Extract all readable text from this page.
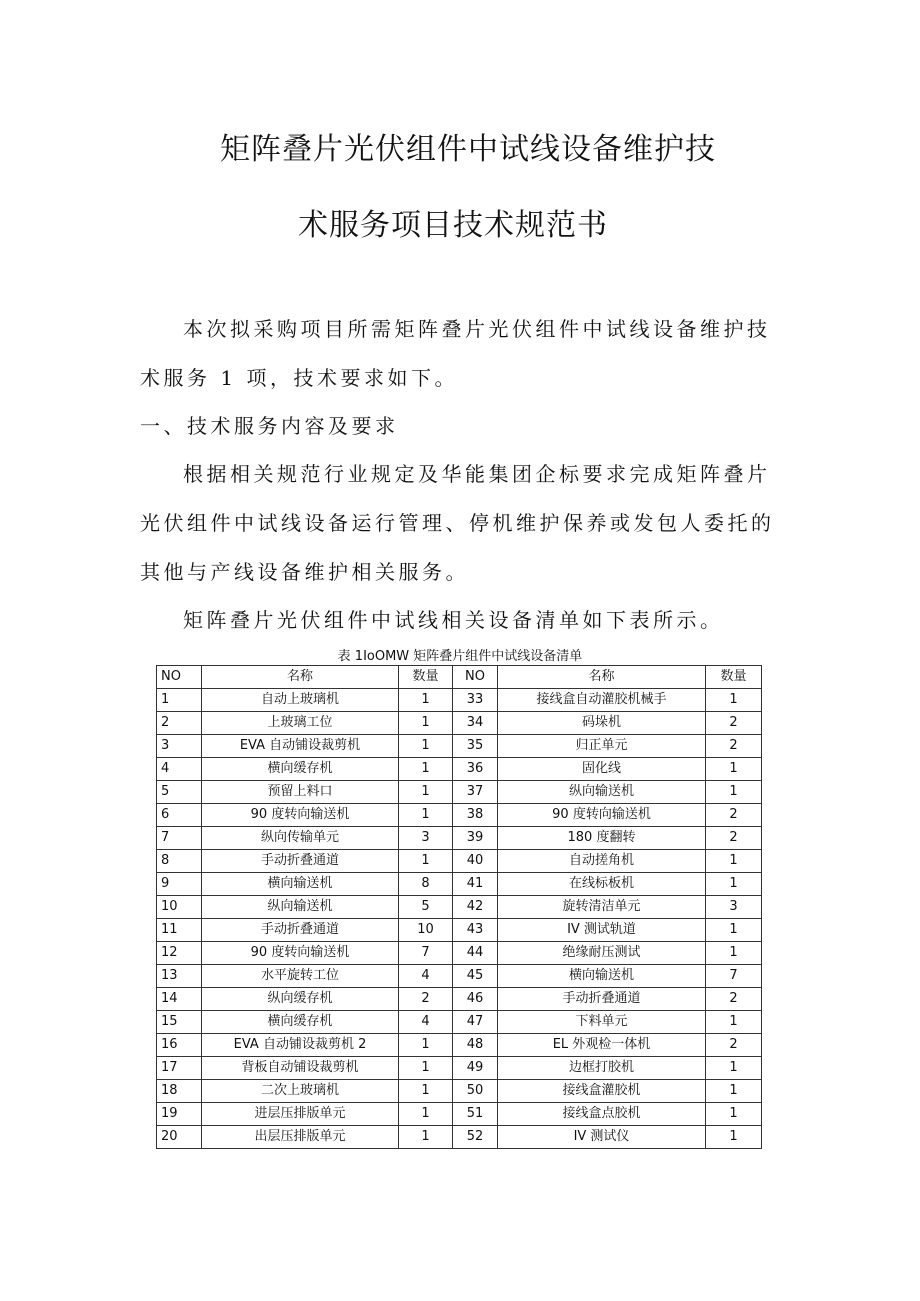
矩阵叠片光伏组件中试线设备维护技
术服务项目技术规范书
本次拟采购项目所需矩阵叠片光伏组件中试线设备维护技
术服务 1 项，技术要求如下。
一、技术服务内容及要求
根据相关规范行业规定及华能集团企标要求完成矩阵叠片
光伏组件中试线设备运行管理、停机维护保养或发包人委托的
其他与产线设备维护相关服务。
矩阵叠片光伏组件中试线相关设备清单如下表所示。
表 1IoOMW 矩阵叠片组件中试线设备清单
NO	名称	数量	NO	名称	数量
1	自动上玻璃机	1	33	接线盒自动灌胶机械手	1
2	上玻璃工位	1	34	码垛机	2
3	EVA 自动铺设裁剪机	1	35	归正单元	2
4	横向缓存机	1	36	固化线	1
5	预留上料口	1	37	纵向输送机	1
6	90 度转向输送机	1	38	90 度转向输送机	2
7	纵向传输单元	3	39	180 度翻转	2
8	手动折叠通道	1	40	自动搓角机	1
9	横向输送机	8	41	在线标板机	1
10	纵向输送机	5	42	旋转清洁单元	3
11	手动折叠通道	10	43	IV 测试轨道	1
12	90 度转向输送机	7	44	绝缘耐压测试	1
13	水平旋转工位	4	45	横向输送机	7
14	纵向缓存机	2	46	手动折叠通道	2
15	横向缓存机	4	47	下料单元	1
16	EVA 自动铺设裁剪机 2	1	48	EL 外观检一体机	2
17	背板自动铺设裁剪机	1	49	边框打胶机	1
18	二次上玻璃机	1	50	接线盒灌胶机	1
19	进层压排版单元	1	51	接线盒点胶机	1
20	出层压排版单元	1	52	IV 测试仪	1
